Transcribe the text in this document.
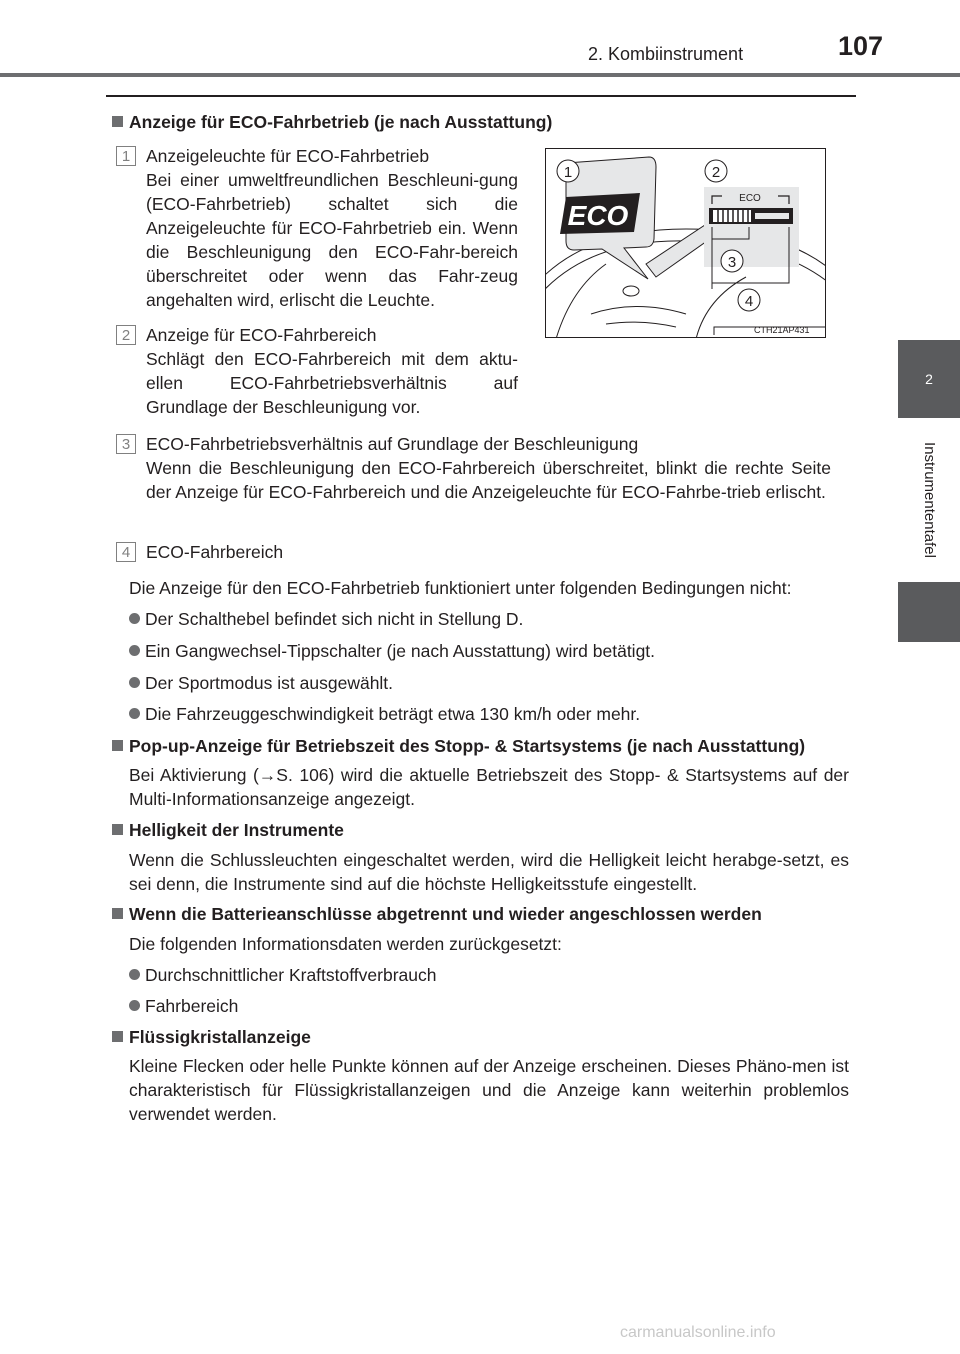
2. Kombiinstrument	107
2
Instrumententafel
Anzeige für ECO-Fahrbetrieb (je nach Ausstattung)
1 Anzeigeleuchte für ECO-Fahrbetrieb
Bei einer umweltfreundlichen Beschleuni-gung (ECO-Fahrbetrieb) schaltet sich die Anzeigeleuchte für ECO-Fahrbetrieb ein. Wenn die Beschleunigung den ECO-Fahr-bereich überschreitet oder wenn das Fahr-zeug angehalten wird, erlischt die Leuchte.
2 Anzeige für ECO-Fahrbereich
Schlägt den ECO-Fahrbereich mit dem aktu-ellen ECO-Fahrbetriebsverhältnis auf Grundlage der Beschleunigung vor.
ECO
ECO
1	2
3
4
CTH21AP431
3 ECO-Fahrbetriebsverhältnis auf Grundlage der Beschleunigung
Wenn die Beschleunigung den ECO-Fahrbereich überschreitet, blinkt die rechte Seite der Anzeige für ECO-Fahrbereich und die Anzeigeleuchte für ECO-Fahrbe-trieb erlischt.
4 ECO-Fahrbereich
Die Anzeige für den ECO-Fahrbetrieb funktioniert unter folgenden Bedingungen nicht:
Der Schalthebel befindet sich nicht in Stellung D.
Ein Gangwechsel-Tippschalter (je nach Ausstattung) wird betätigt.
Der Sportmodus ist ausgewählt.
Die Fahrzeuggeschwindigkeit beträgt etwa 130 km/h oder mehr.
Pop-up-Anzeige für Betriebszeit des Stopp- & Startsystems (je nach Ausstattung)
Bei Aktivierung (→S. 106) wird die aktuelle Betriebszeit des Stopp- & Startsystems auf der Multi-Informationsanzeige angezeigt.
Helligkeit der Instrumente
Wenn die Schlussleuchten eingeschaltet werden, wird die Helligkeit leicht herabge-setzt, es sei denn, die Instrumente sind auf die höchste Helligkeitsstufe eingestellt.
Wenn die Batterieanschlüsse abgetrennt und wieder angeschlossen werden
Die folgenden Informationsdaten werden zurückgesetzt:
Durchschnittlicher Kraftstoffverbrauch
Fahrbereich
Flüssigkristallanzeige
Kleine Flecken oder helle Punkte können auf der Anzeige erscheinen. Dieses Phäno-men ist charakteristisch für Flüssigkristallanzeigen und die Anzeige kann weiterhin problemlos verwendet werden.
carmanualsonline.info
